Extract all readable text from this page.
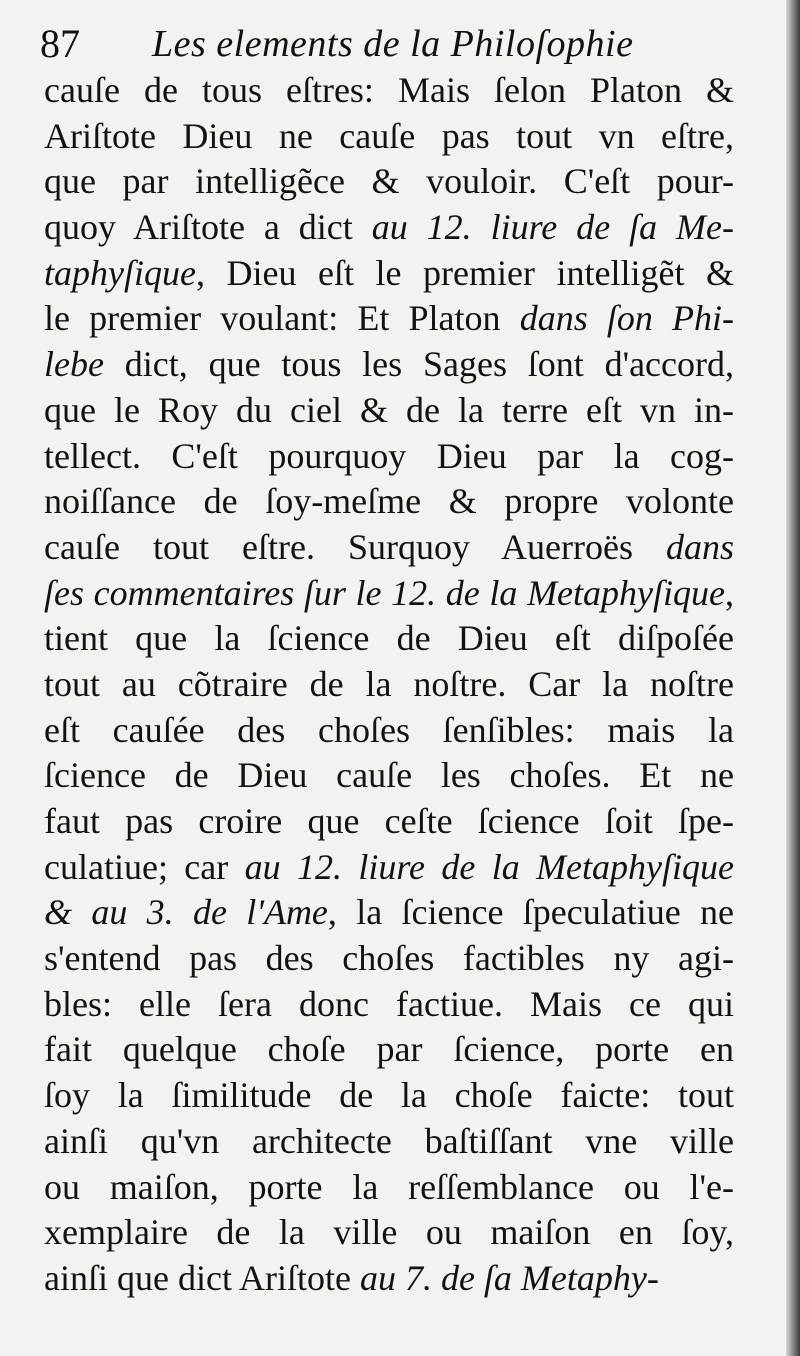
87 Les elements de la Philoſophie
cauſe de tous eſtres: Mais ſelon Platon &
Ariſtote Dieu ne cauſe pas tout vn eſtre,
que par intelligẽce & vouloir. C'eſt pour-
quoy Ariſtote a dict au 12. liure de ſa Me-
taphyſique, Dieu eſt le premier intelligẽt &
le premier voulant: Et Platon dans ſon Phi-
lebe dict, que tous les Sages ſont d'accord,
que le Roy du ciel & de la terre eſt vn in-
tellect. C'eſt pourquoy Dieu par la cog-
noiſſance de ſoy-meſme & propre volonte
cauſe tout eſtre. Surquoy Auerroës dans
ſes commentaires ſur le 12. de la Metaphyſique,
tient que la ſcience de Dieu eſt diſpoſée
tout au cõtraire de la noſtre. Car la noſtre
eſt cauſée des choſes ſenſibles: mais la
ſcience de Dieu cauſe les choſes. Et ne
faut pas croire que ceſte ſcience ſoit ſpe-
culatiue; car au 12. liure de la Metaphyſique
& au 3. de l'Ame, la ſcience ſpeculatiue ne
s'entend pas des choſes factibles ny agi-
bles: elle ſera donc factiue. Mais ce qui
fait quelque choſe par ſcience, porte en
ſoy la ſimilitude de la choſe faicte: tout
ainſi qu'vn architecte baſtiſſant vne ville
ou maiſon, porte la reſſemblance ou l'e-
xemplaire de la ville ou maiſon en ſoy,
ainſi que dict Ariſtote au 7. de ſa Metaphy-
